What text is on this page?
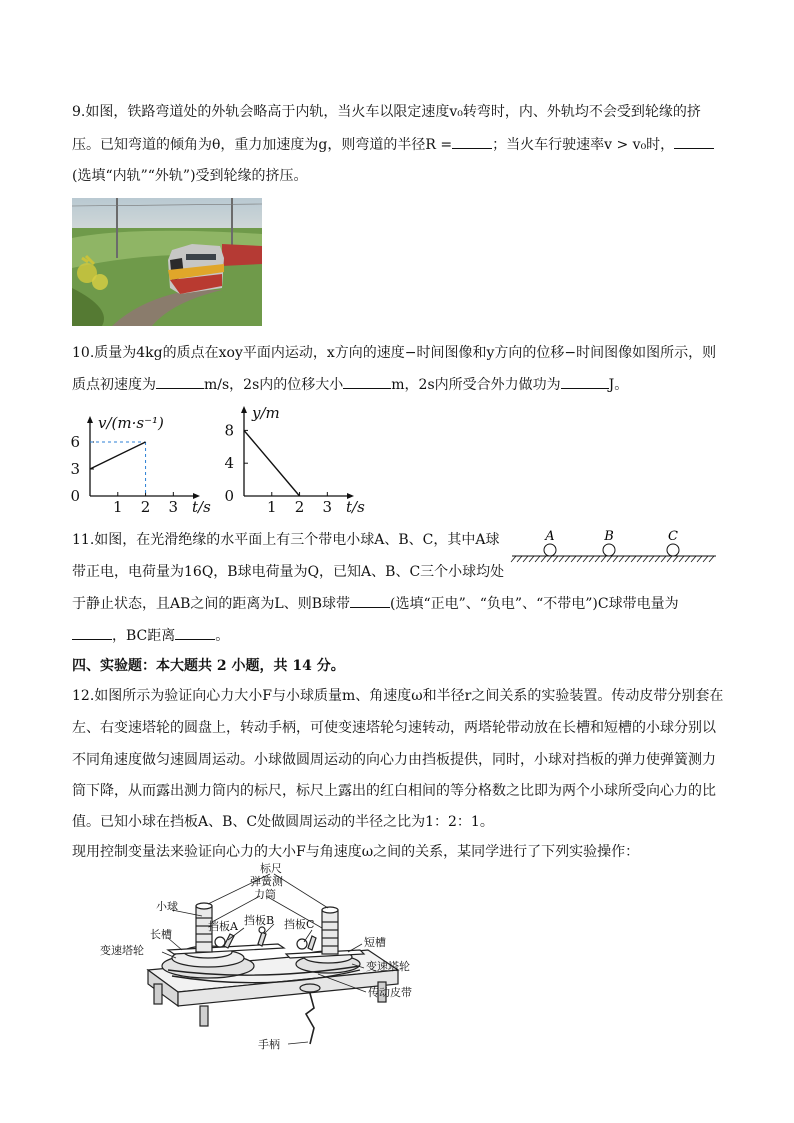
9.如图，铁路弯道处的外轨会略高于内轨，当火车以限定速度v₀转弯时，内、外轨均不会受到轮缘的挤
压。已知弯道的倾角为θ，重力加速度为g，则弯道的半径R =	；当火车行驶速率v > v₀时，
(选填“内轨”“外轨”)受到轮缘的挤压。
10.质量为4kg的质点在xoy平面内运动，x方向的速度−时间图像和y方向的位移−时间图像如图所示，则
质点初速度为	m/s，2s内的位移大小	m，2s内所受合外力做功为	J。
1 2 3
0
3
6
t/s
v/(m·s⁻¹)
1 2 3
0
4
8
t/s
y/m
11.如图，在光滑绝缘的水平面上有三个带电小球A、B、C，其中A球
带正电，电荷量为16Q，B球电荷量为Q，已知A、B、C三个小球均处
于静止状态，且AB之间的距离为L、则B球带	(选填“正电”、“负电”、“不带电”)C球带电量为
，BC距离	。
A	B	C
四、实验题：本大题共 2 小题，共 14 分。
12.如图所示为验证向心力大小F与小球质量m、角速度ω和半径r之间关系的实验装置。传动皮带分别套在
左、右变速塔轮的圆盘上，转动手柄，可使变速塔轮匀速转动，两塔轮带动放在长槽和短槽的小球分别以
不同角速度做匀速圆周运动。小球做圆周运动的向心力由挡板提供，同时，小球对挡板的弹力使弹簧测力
筒下降，从而露出测力筒内的标尺，标尺上露出的红白相间的等分格数之比即为两个小球所受向心力的比
值。已知小球在挡板A、B、C处做圆周运动的半径之比为1：2：1。
现用控制变量法来验证向心力的大小F与角速度ω之间的关系，某同学进行了下列实验操作：
标尺
弹簧测
力筒
小球
挡板B
挡板A	挡板C
长槽
变速塔轮
短槽
变速塔轮
传动皮带
手柄
